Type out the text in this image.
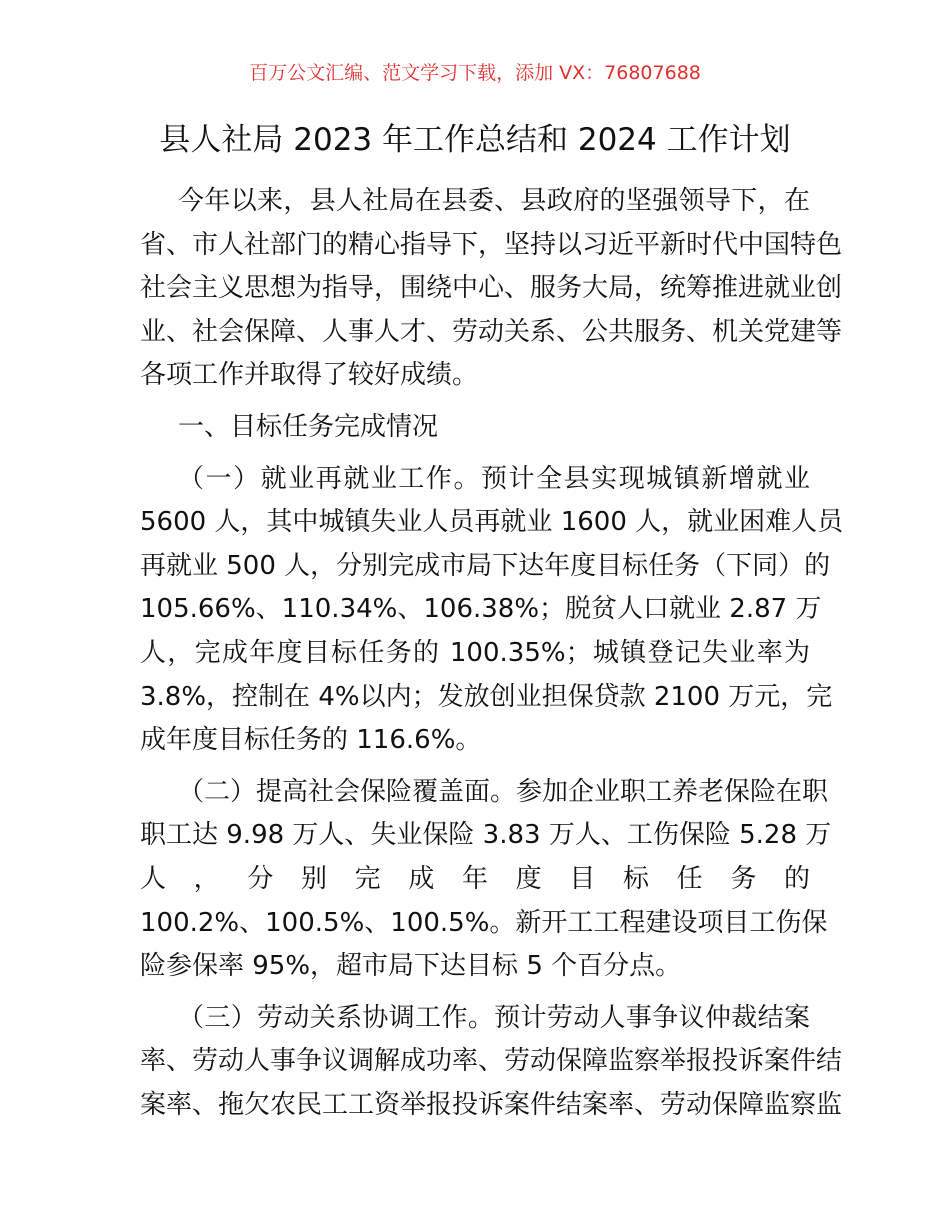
百万公文汇编、范文学习下载，添加 VX：76807688
县人社局 2023 年工作总结和 2024 工作计划
今年以来，县人社局在县委、县政府的坚强领导下，在
省、市人社部门的精心指导下，坚持以习近平新时代中国特色
社会主义思想为指导，围绕中心、服务大局，统筹推进就业创
业、社会保障、人事人才、劳动关系、公共服务、机关党建等
各项工作并取得了较好成绩。
一、目标任务完成情况
（一）就业再就业工作。预计全县实现城镇新增就业
5600 人，其中城镇失业人员再就业 1600 人，就业困难人员
再就业 500 人，分别完成市局下达年度目标任务（下同）的
105.66%、110.34%、106.38%；脱贫人口就业 2.87 万
人，完成年度目标任务的 100.35%；城镇登记失业率为
3.8%，控制在 4%以内；发放创业担保贷款 2100 万元，完
成年度目标任务的 116.6%。
（二）提高社会保险覆盖面。参加企业职工养老保险在职
职工达 9.98 万人、失业保险 3.83 万人、工伤保险 5.28 万
人 ， 分 别 完 成 年 度 目 标 任 务 的
100.2%、100.5%、100.5%。新开工工程建设项目工伤保
险参保率 95%，超市局下达目标 5 个百分点。
（三）劳动关系协调工作。预计劳动人事争议仲裁结案
率、劳动人事争议调解成功率、劳动保障监察举报投诉案件结
案率、拖欠农民工工资举报投诉案件结案率、劳动保障监察监
